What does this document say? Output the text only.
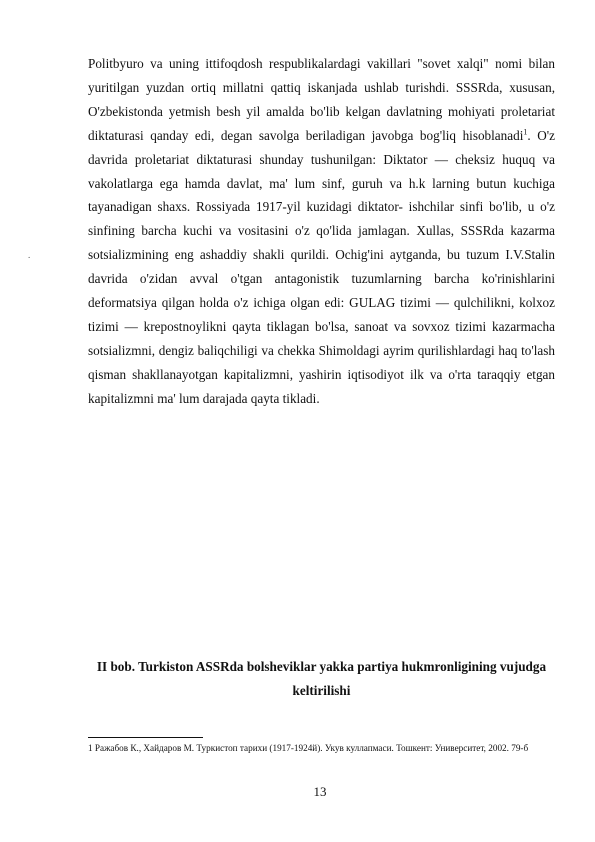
Politbyuro va uning ittifoqdosh respublikalardagi vakillari "sovet xalqi" nomi bilan yuritilgan yuzdan ortiq millatni qattiq iskanjada ushlab turishdi. SSSRda, xususan, O'zbekistonda yetmish besh yil amalda bo'lib kelgan davlatning mohiyati proletariat diktaturasi qanday edi, degan savolga beriladigan javobga bog'liq hisoblanadi$^1$. O'z davrida proletariat diktaturasi shunday tushunilgan: Diktator — cheksiz huquq va vakolatlarga ega hamda davlat, ma' lum sinf, guruh va h.k larning butun kuchiga tayanadigan shaxs. Rossiyada 1917-yil kuzidagi diktator- ishchilar sinfi bo'lib, u o'z sinfining barcha kuchi va vositasini o'z qo'lida jamlagan. Xullas, SSSRda kazarma sotsializmining eng ashaddiy shakli qurildi. Ochig'ini aytganda, bu tuzum I.V.Stalin davrida o'zidan avval o'tgan antagonistik tuzumlarning barcha ko'rinishlarini deformatsiya qilgan holda o'z ichiga olgan edi: GULAG tizimi — qulchilikni, kolxoz tizimi — krepostnoylikni qayta tiklagan bo'lsa, sanoat va sovxoz tizimi kazarmacha sotsializmni, dengiz baliqchiligi va chekka Shimoldagi ayrim qurilishlardagi haq to'lash qisman shakllanayotgan kapitalizmni, yashirin iqtisodiyot ilk va o'rta taraqqiy etgan kapitalizmni ma' lum darajada qayta tikladi.
.
II bob. Turkiston ASSRda bolsheviklar yakka partiya hukmronligining vujudga keltirilishi
1 Ражабов К., Хайдаров М. Туркистоп тарихи (1917-1924й). Укув куллапмаси. Тошкент: Университет, 2002. 79-б
13
